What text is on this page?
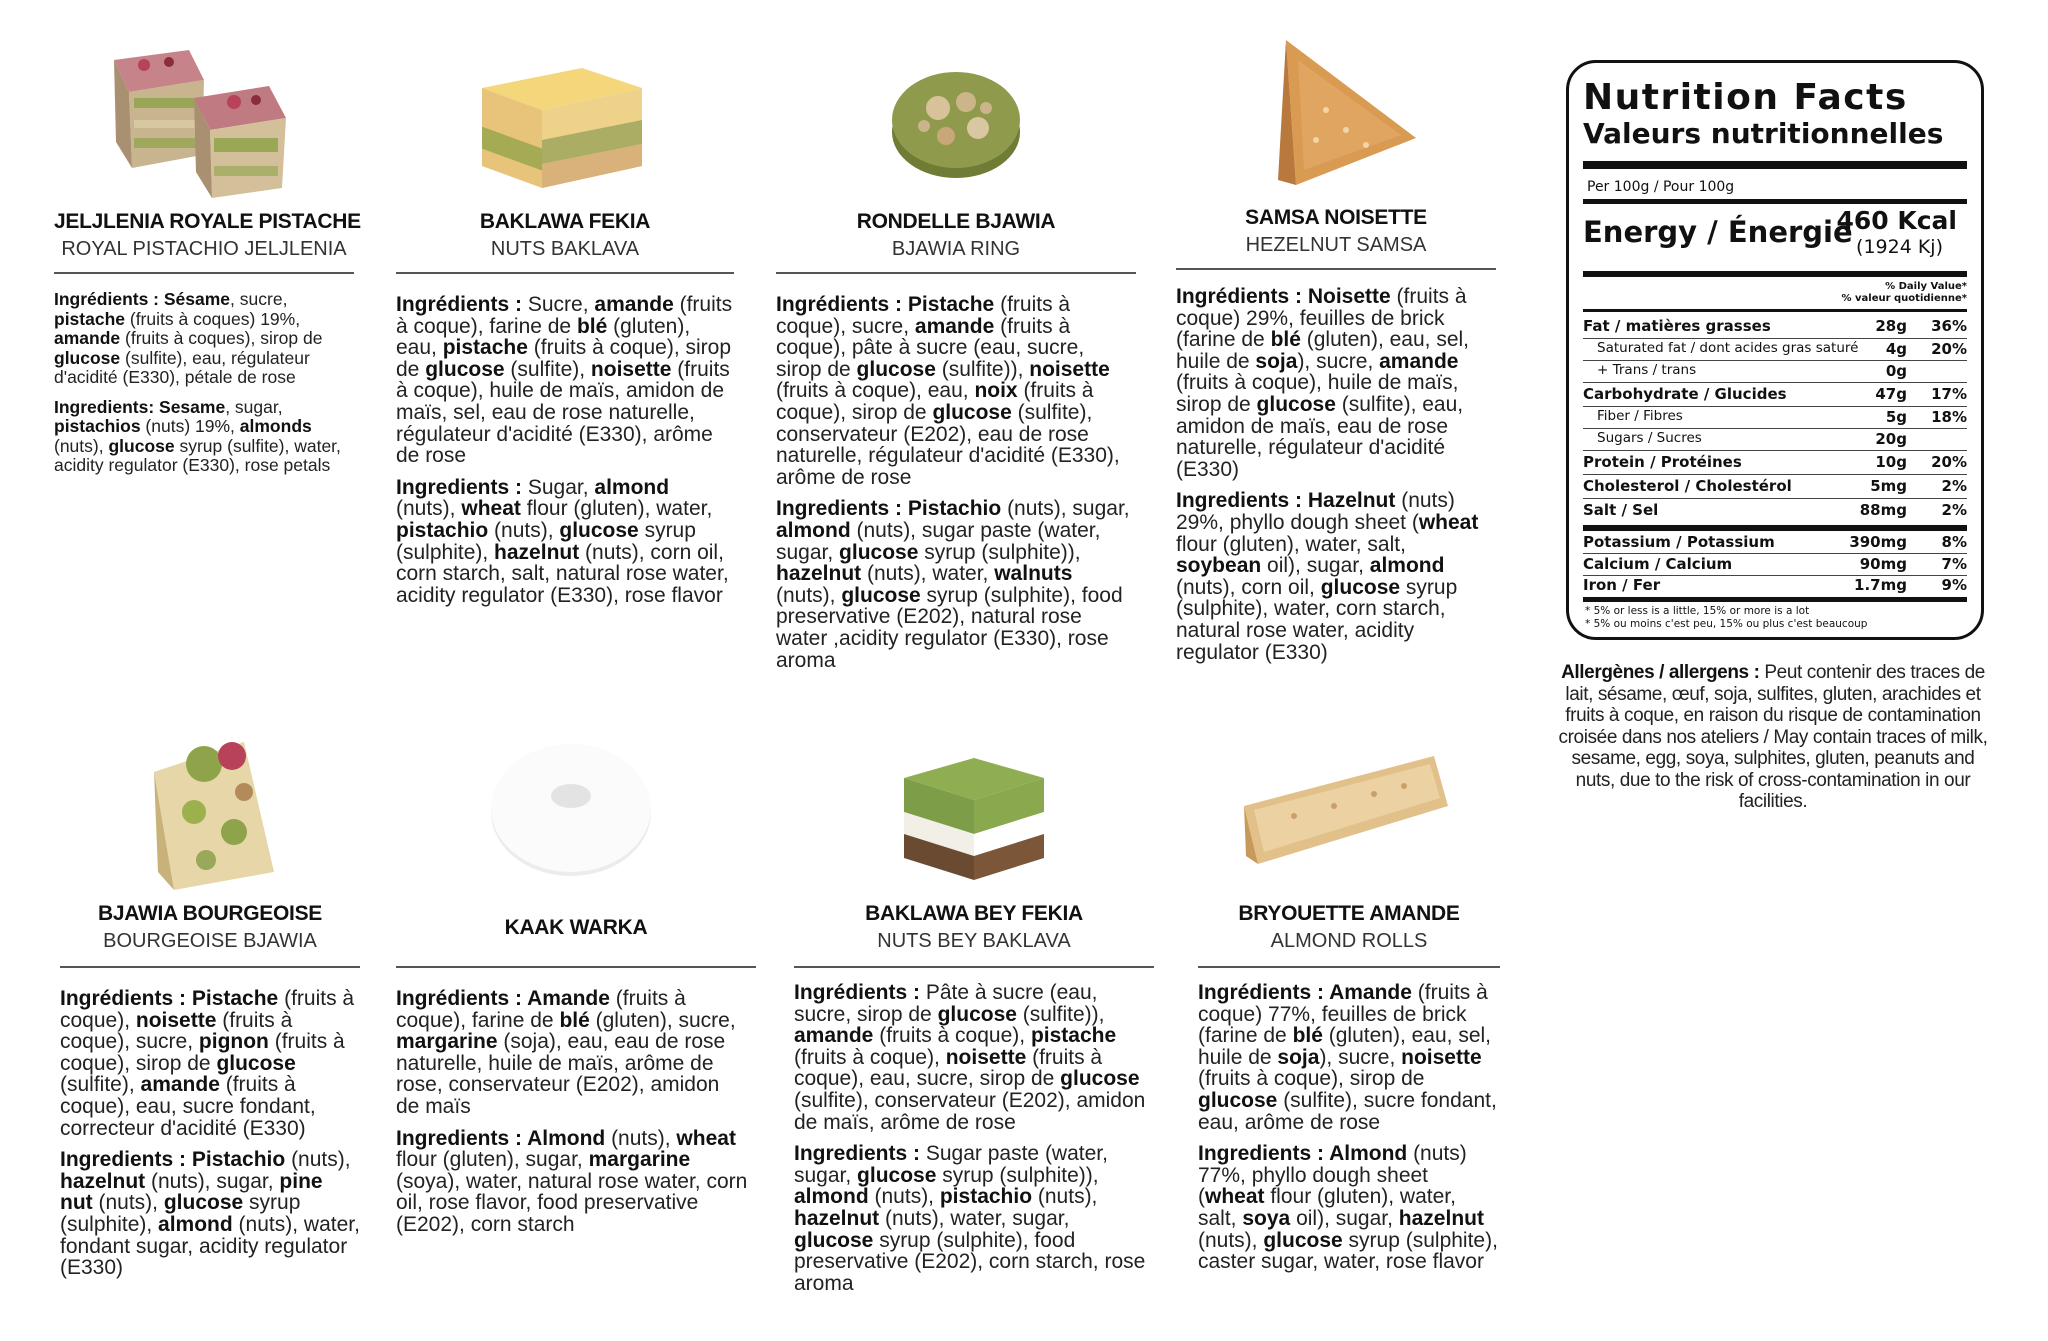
JELJLENIA ROYALE PISTACHE
ROYAL PISTACHIO JELJLENIA

Ingrédients : Sésame, sucre, pistache (fruits à coques) 19%, amande (fruits à coques), sirop de glucose (sulfite), eau, régulateur d'acidité (E330), pétale de rose

Ingredients: Sesame, sugar, pistachios (nuts) 19%, almonds (nuts), glucose syrup (sulfite), water, acidity regulator (E330), rose petals

BAKLAWA FEKIA
NUTS BAKLAVA

Ingrédients : Sucre, amande (fruits à coque), farine de blé (gluten), eau, pistache (fruits à coque), sirop de glucose (sulfite), noisette (fruits à coque), huile de maïs, amidon de maïs, sel, eau de rose naturelle, régulateur d'acidité (E330), arôme de rose

Ingredients : Sugar, almond (nuts), wheat flour (gluten), water, pistachio (nuts), glucose syrup (sulphite), hazelnut (nuts), corn oil, corn starch, salt, natural rose water, acidity regulator (E330), rose flavor

RONDELLE BJAWIA
BJAWIA RING

Ingrédients : Pistache (fruits à coque), sucre, amande (fruits à coque), pâte à sucre (eau, sucre, sirop de glucose (sulfite)), noisette (fruits à coque), eau, noix (fruits à coque), sirop de glucose (sulfite), conservateur (E202), eau de rose naturelle, régulateur d'acidité (E330), arôme de rose

Ingredients : Pistachio (nuts), sugar, almond (nuts), sugar paste (water, sugar, glucose syrup (sulphite)), hazelnut (nuts), water, walnuts (nuts), glucose syrup (sulphite), food preservative (E202), natural rose water ,acidity regulator (E330), rose aroma

SAMSA NOISETTE
HEZELNUT SAMSA

Ingrédients : Noisette (fruits à coque) 29%, feuilles de brick (farine de blé (gluten), eau, sel, huile de soja), sucre, amande (fruits à coque), huile de maïs, sirop de glucose (sulfite), eau, amidon de maïs, eau de rose naturelle, régulateur d'acidité (E330)

Ingredients : Hazelnut (nuts) 29%, phyllo dough sheet (wheat flour (gluten), water, salt, soybean oil), sugar, almond (nuts), corn oil, glucose syrup (sulphite), water, corn starch, natural rose water, acidity regulator (E330)

BJAWIA BOURGEOISE
BOURGEOISE BJAWIA

Ingrédients : Pistache (fruits à coque), noisette (fruits à coque), sucre, pignon (fruits à coque), sirop de glucose (sulfite), amande (fruits à coque), eau, sucre fondant, correcteur d'acidité (E330)

Ingredients : Pistachio (nuts), hazelnut (nuts), sugar, pine nut (nuts), glucose syrup (sulphite), almond (nuts), water, fondant sugar, acidity regulator (E330)

KAAK WARKA

Ingrédients : Amande (fruits à coque), farine de blé (gluten), sucre, margarine (soja), eau, eau de rose naturelle, huile de maïs, arôme de rose, conservateur (E202), amidon de maïs

Ingredients : Almond (nuts), wheat flour (gluten), sugar, margarine (soya), water, natural rose water, corn oil, rose flavor, food preservative (E202), corn starch

BAKLAWA BEY FEKIA
NUTS BEY BAKLAVA

Ingrédients : Pâte à sucre (eau, sucre, sirop de glucose (sulfite)), amande (fruits à coque), pistache (fruits à coque), noisette (fruits à coque), eau, sucre, sirop de glucose (sulfite), conservateur (E202), amidon de maïs, arôme de rose

Ingredients : Sugar paste (water, sugar, glucose syrup (sulphite)), almond (nuts), pistachio (nuts), hazelnut (nuts), water, sugar, glucose syrup (sulphite), food preservative (E202), corn starch, rose aroma

BRYOUETTE AMANDE
ALMOND ROLLS

Ingrédients : Amande (fruits à coque) 77%, feuilles de brick (farine de blé (gluten), eau, sel, huile de soja), sucre, noisette (fruits à coque), sirop de glucose (sulfite), sucre fondant, eau, arôme de rose

Ingredients : Almond (nuts) 77%, phyllo dough sheet (wheat flour (gluten), water, salt, soya oil), sugar, hazelnut (nuts), glucose syrup (sulphite), caster sugar, water, rose flavor

Nutrition Facts
Valeurs nutritionnelles
Per 100g / Pour 100g
Energy / Énergie
460 Kcal
(1924 Kj)
% Daily Value*
% valeur quotidienne*
Fat / matières grasses	28g 36%
Saturated fat / dont acides gras saturé 4g 20%
+ Trans / trans	0g
Carbohydrate / Glucides	47g 17%
Fiber / Fibres	5g 18%
Sugars / Sucres	20g
Protein / Protéines	10g 20%
Cholesterol / Cholestérol	5mg 2%
Salt / Sel	88mg 2%
Potassium / Potassium	390mg 8%
Calcium / Calcium	90mg 7%
Iron / Fer	1.7mg 9%
* 5% or less is a little, 15% or more is a lot
* 5% ou moins c'est peu, 15% ou plus c'est beaucoup
Allergènes / allergens : Peut contenir des traces de lait, sésame, œuf, soja, sulfites, gluten, arachides et fruits à coque, en raison du risque de contamination croisée dans nos ateliers / May contain traces of milk, sesame, egg, soya, sulphites, gluten, peanuts and nuts, due to the risk of cross-contamination in our facilities.
